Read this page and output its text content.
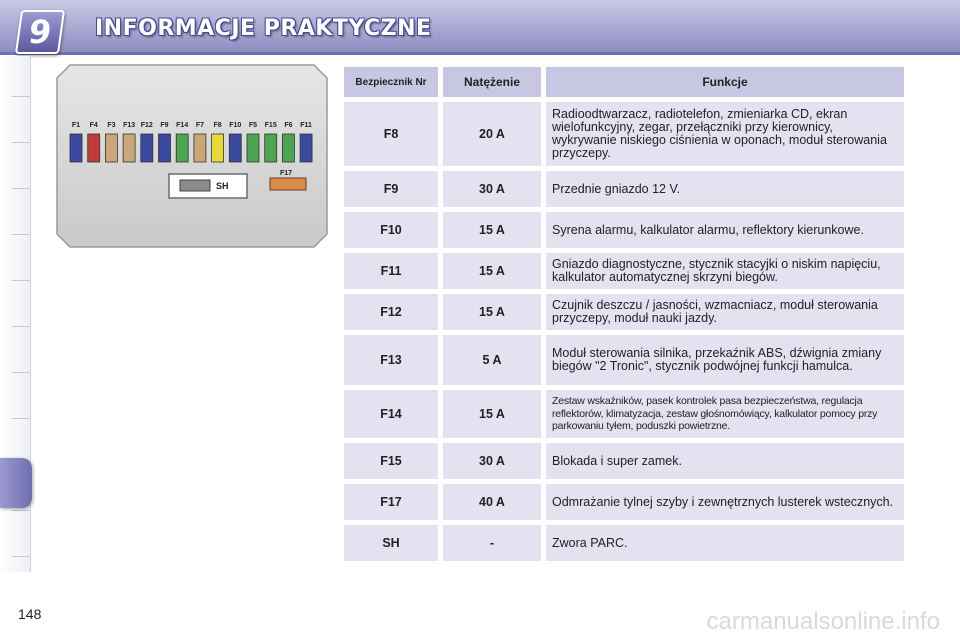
9	INFORMACJE PRAKTYCZNE
F1 F4 F3 F13 F12 F9 F14 F7 F8 F10 F5 F15 F6 F11
SH
F17
Bezpiecznik Nr	Natężenie	Funkcje
F8	20 A	Radioodtwarzacz, radiotelefon, zmieniarka CD, ekran wielofunkcyjny, zegar, przełączniki przy kierownicy, wykrywanie niskiego ciśnienia w oponach, moduł sterowania przyczepy.
F9	30 A	Przednie gniazdo 12 V.
F10	15 A	Syrena alarmu, kalkulator alarmu, reflektory kierunkowe.
F11	15 A	Gniazdo diagnostyczne, stycznik stacyjki o niskim napięciu, kalkulator automatycznej skrzyni biegów.
F12	15 A	Czujnik deszczu / jasności, wzmacniacz, moduł sterowania przyczepy, moduł nauki jazdy.
F13	5 A	Moduł sterowania silnika, przekaźnik ABS, dźwignia zmiany biegów "2 Tronic", stycznik podwójnej funkcji hamulca.
F14	15 A	Zestaw wskaźników, pasek kontrolek pasa bezpieczeństwa, regulacja reflektorów, klimatyzacja, zestaw głośnomówiący, kalkulator pomocy przy parkowaniu tyłem, poduszki powietrzne.
F15	30 A	Blokada i super zamek.
F17	40 A	Odmrażanie tylnej szyby i zewnętrznych lusterek wstecznych.
SH	-	Zwora PARC.
148	carmanualsonline.info
